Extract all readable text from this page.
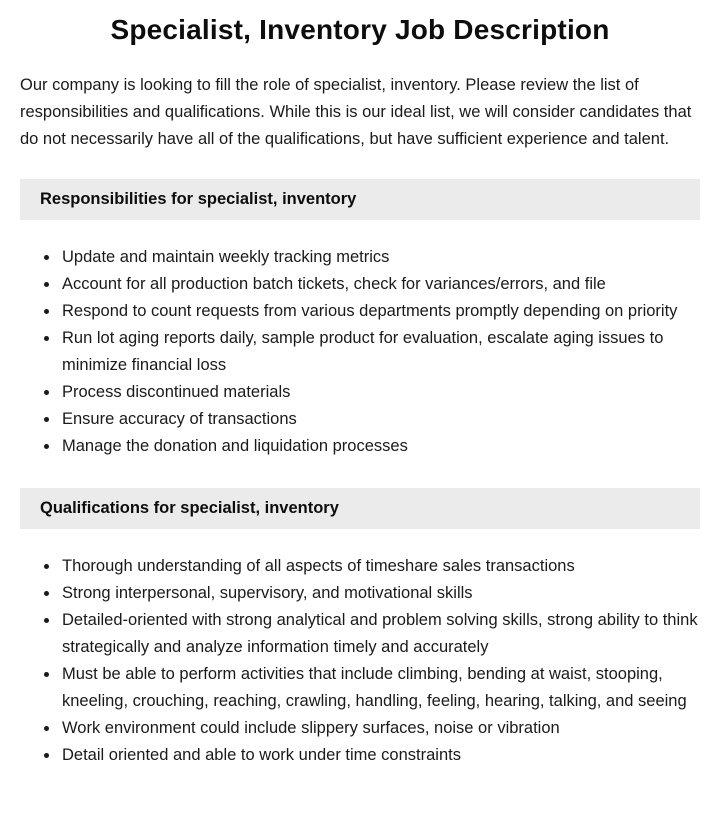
Specialist, Inventory Job Description

Our company is looking to fill the role of specialist, inventory. Please review the list of responsibilities and qualifications. While this is our ideal list, we will consider candidates that do not necessarily have all of the qualifications, but have sufficient experience and talent.

Responsibilities for specialist, inventory
• Update and maintain weekly tracking metrics
• Account for all production batch tickets, check for variances/errors, and file
• Respond to count requests from various departments promptly depending on priority
• Run lot aging reports daily, sample product for evaluation, escalate aging issues to minimize financial loss
• Process discontinued materials
• Ensure accuracy of transactions
• Manage the donation and liquidation processes
Qualifications for specialist, inventory
• Thorough understanding of all aspects of timeshare sales transactions
• Strong interpersonal, supervisory, and motivational skills
• Detailed-oriented with strong analytical and problem solving skills, strong ability to think strategically and analyze information timely and accurately
• Must be able to perform activities that include climbing, bending at waist, stooping, kneeling, crouching, reaching, crawling, handling, feeling, hearing, talking, and seeing
• Work environment could include slippery surfaces, noise or vibration
• Detail oriented and able to work under time constraints
